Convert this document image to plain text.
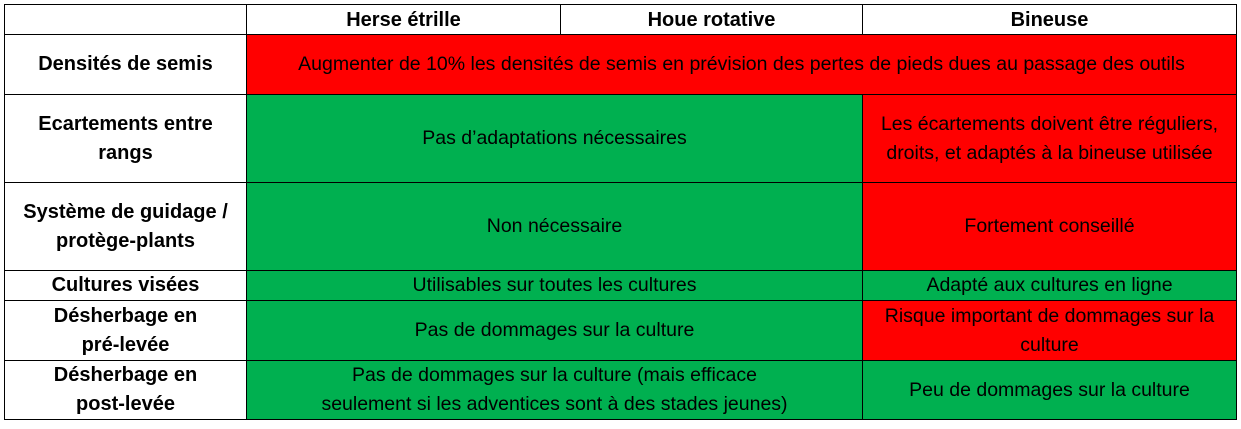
	Herse étrille	Houe rotative	Bineuse
Densités de semis	Augmenter de 10% les densités de semis en prévision des pertes de pieds dues au passage des outils		
Ecartements entre rangs	Pas d’adaptations nécessaires		Les écartements doivent être réguliers, droits, et adaptés à la bineuse utilisée
Système de guidage / protège-plants	Non nécessaire		Fortement conseillé
Cultures visées	Utilisables sur toutes les cultures		Adapté aux cultures en ligne
Désherbage en pré-levée	Pas de dommages sur la culture		Risque important de dommages sur la culture
Désherbage en post-levée	Pas de dommages sur la culture (mais efficace seulement si les adventices sont à des stades jeunes)		Peu de dommages sur la culture
